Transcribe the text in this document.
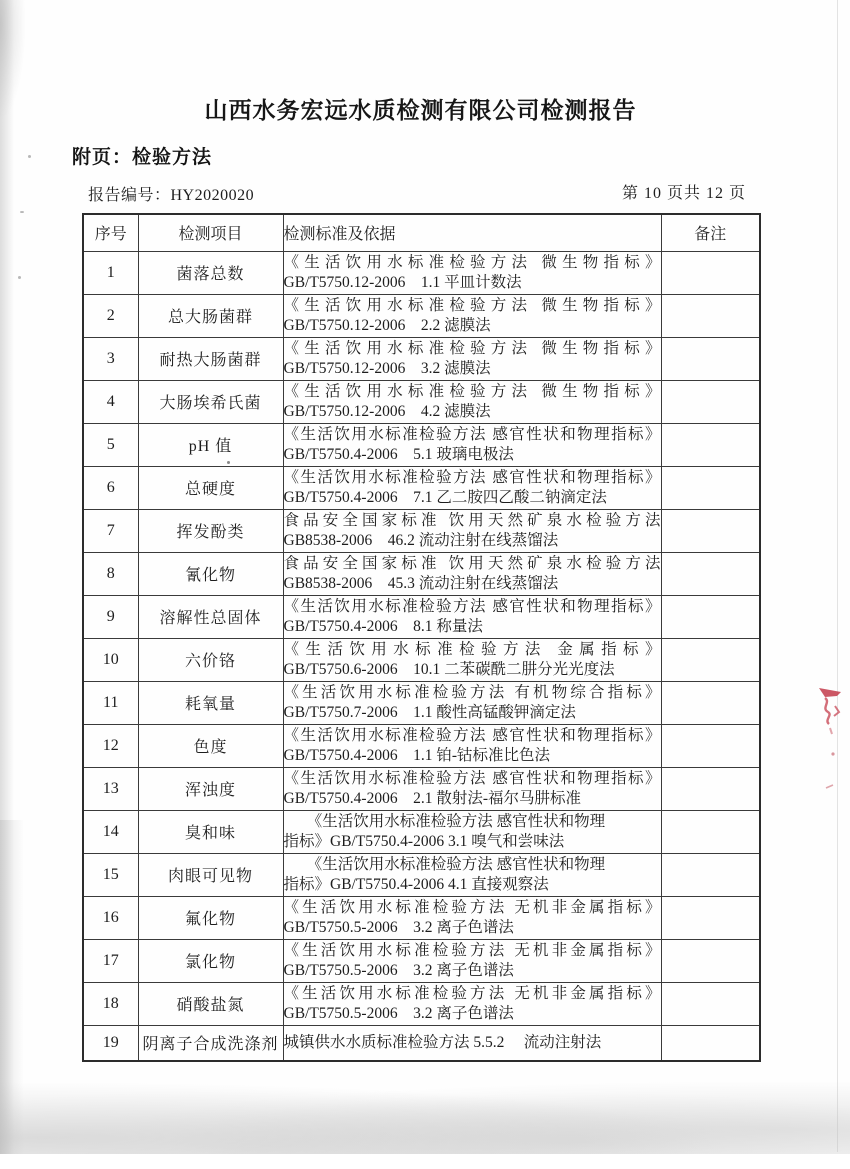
山西水务宏远水质检测有限公司检测报告
附页：检验方法
报告编号：HY2020020	第 10 页共 12 页
序号	检测项目	检测标准及依据	备注
1	菌落总数	《生活饮用水标准检验方法 微生物指标》
GB/T5750.12-2006　1.1 平皿计数法	

2	总大肠菌群	《生活饮用水标准检验方法 微生物指标》
GB/T5750.12-2006　2.2 滤膜法	

3	耐热大肠菌群	《生活饮用水标准检验方法 微生物指标》
GB/T5750.12-2006　3.2 滤膜法	

4	大肠埃希氏菌	《生活饮用水标准检验方法 微生物指标》
GB/T5750.12-2006　4.2 滤膜法	

5	pH 值	《生活饮用水标准检验方法 感官性状和物理指标》
GB/T5750.4-2006　5.1 玻璃电极法	

6	总硬度	《生活饮用水标准检验方法 感官性状和物理指标》
GB/T5750.4-2006　7.1 乙二胺四乙酸二钠滴定法	

7	挥发酚类	食品安全国家标准 饮用天然矿泉水检验方法
GB8538-2006　46.2 流动注射在线蒸馏法	

8	氰化物	食品安全国家标准 饮用天然矿泉水检验方法
GB8538-2006　45.3 流动注射在线蒸馏法	

9	溶解性总固体	《生活饮用水标准检验方法 感官性状和物理指标》
GB/T5750.4-2006　8.1 称量法	

10	六价铬	《生活饮用水标准检验方法 金属指标》
GB/T5750.6-2006　10.1 二苯碳酰二肼分光光度法	

11	耗氧量	《生活饮用水标准检验方法 有机物综合指标》
GB/T5750.7-2006　1.1 酸性高锰酸钾滴定法	

12	色度	《生活饮用水标准检验方法 感官性状和物理指标》
GB/T5750.4-2006　1.1 铂-钴标准比色法	

13	浑浊度	《生活饮用水标准检验方法 感官性状和物理指标》
GB/T5750.4-2006　2.1 散射法-福尔马肼标准	

14	臭和味	　　《生活饮用水标准检验方法 感官性状和物理
指标》GB/T5750.4-2006 3.1 嗅气和尝味法	

15	肉眼可见物	　　《生活饮用水标准检验方法 感官性状和物理
指标》GB/T5750.4-2006 4.1 直接观察法	

16	氟化物	《生活饮用水标准检验方法 无机非金属指标》
GB/T5750.5-2006　3.2 离子色谱法	

17	氯化物	《生活饮用水标准检验方法 无机非金属指标》
GB/T5750.5-2006　3.2 离子色谱法	

18	硝酸盐氮	《生活饮用水标准检验方法 无机非金属指标》
GB/T5750.5-2006　3.2 离子色谱法	

19	阴离子合成洗涤剂	城镇供水水质标准检验方法 5.5.2　 流动注射法	
